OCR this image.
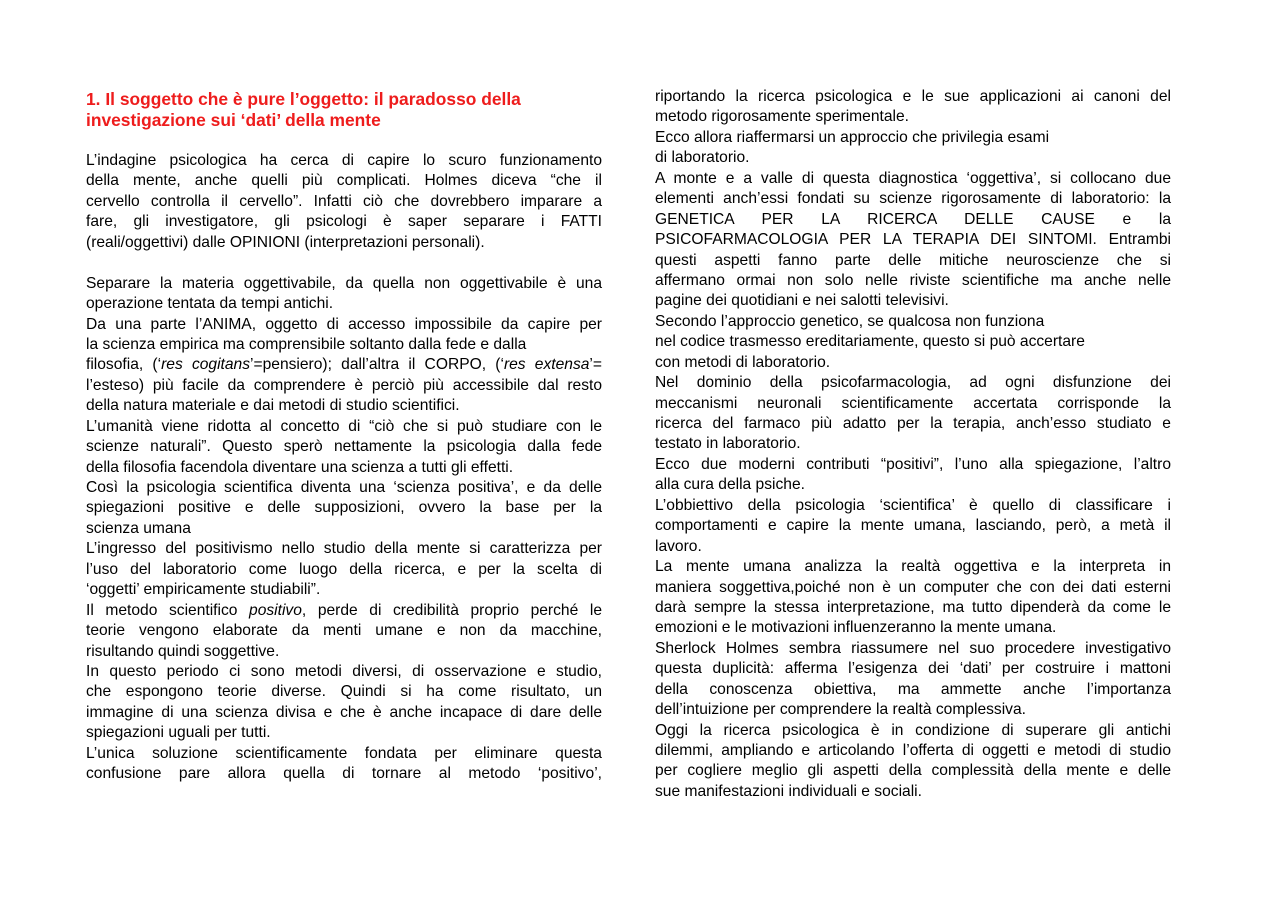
1. Il soggetto che è pure l’oggetto: il paradosso della
investigazione sui ‘dati’ della mente
L’indagine psicologica ha cerca di capire lo scuro funzionamento
della mente, anche quelli più complicati. Holmes diceva “che il
cervello controlla il cervello”. Infatti ciò che dovrebbero imparare a
fare, gli investigatore, gli psicologi è saper separare i FATTI
(reali/oggettivi) dalle OPINIONI (interpretazioni personali).
Separare la materia oggettivabile, da quella non oggettivabile è una
operazione tentata da tempi antichi.
Da una parte l’ANIMA, oggetto di accesso impossibile da capire per
la scienza empirica ma comprensibile soltanto dalla fede e dalla
filosofia, (‘res cogitans’=pensiero); dall’altra il CORPO, (‘res extensa’=
l’esteso) più facile da comprendere è perciò più accessibile dal resto
della natura materiale e dai metodi di studio scientifici.
L’umanità viene ridotta al concetto di “ciò che si può studiare con le
scienze naturali”. Questo sperò nettamente la psicologia dalla fede
della filosofia facendola diventare una scienza a tutti gli effetti.
Così la psicologia scientifica diventa una ‘scienza positiva’, e da delle
spiegazioni positive e delle supposizioni, ovvero la base per la
scienza umana
L’ingresso del positivismo nello studio della mente si caratterizza per
l’uso del laboratorio come luogo della ricerca, e per la scelta di
‘oggetti’ empiricamente studiabili”.
Il metodo scientifico positivo, perde di credibilità proprio perché le
teorie vengono elaborate da menti umane e non da macchine,
risultando quindi soggettive.
In questo periodo ci sono metodi diversi, di osservazione e studio,
che espongono teorie diverse. Quindi si ha come risultato, un
immagine di una scienza divisa e che è anche incapace di dare delle
spiegazioni uguali per tutti.
L’unica soluzione scientificamente fondata per eliminare questa
confusione pare allora quella di tornare al metodo ‘positivo’,
riportando la ricerca psicologica e le sue applicazioni ai canoni del
metodo rigorosamente sperimentale.
Ecco allora riaffermarsi un approccio che privilegia esami
di laboratorio.
A monte e a valle di questa diagnostica ‘oggettiva’, si collocano due
elementi anch’essi fondati su scienze rigorosamente di laboratorio: la
GENETICA PER LA RICERCA DELLE CAUSE e la
PSICOFARMACOLOGIA PER LA TERAPIA DEI SINTOMI. Entrambi
questi aspetti fanno parte delle mitiche neuroscienze che si
affermano ormai non solo nelle riviste scientifiche ma anche nelle
pagine dei quotidiani e nei salotti televisivi.
Secondo l’approccio genetico, se qualcosa non funziona
nel codice trasmesso ereditariamente, questo si può accertare
con metodi di laboratorio.
Nel dominio della psicofarmacologia, ad ogni disfunzione dei
meccanismi neuronali scientificamente accertata corrisponde la
ricerca del farmaco più adatto per la terapia, anch’esso studiato e
testato in laboratorio.
Ecco due moderni contributi “positivi”, l’uno alla spiegazione, l’altro
alla cura della psiche.
L’obbiettivo della psicologia ‘scientifica’ è quello di classificare i
comportamenti e capire la mente umana, lasciando, però, a metà il
lavoro.
La mente umana analizza la realtà oggettiva e la interpreta in
maniera soggettiva,poiché non è un computer che con dei dati esterni
darà sempre la stessa interpretazione, ma tutto dipenderà da come le
emozioni e le motivazioni influenzeranno la mente umana.
Sherlock Holmes sembra riassumere nel suo procedere investigativo
questa duplicità: afferma l’esigenza dei ‘dati’ per costruire i mattoni
della conoscenza obiettiva, ma ammette anche l’importanza
dell’intuizione per comprendere la realtà complessiva.
Oggi la ricerca psicologica è in condizione di superare gli antichi
dilemmi, ampliando e articolando l’offerta di oggetti e metodi di studio
per cogliere meglio gli aspetti della complessità della mente e delle
sue manifestazioni individuali e sociali.
